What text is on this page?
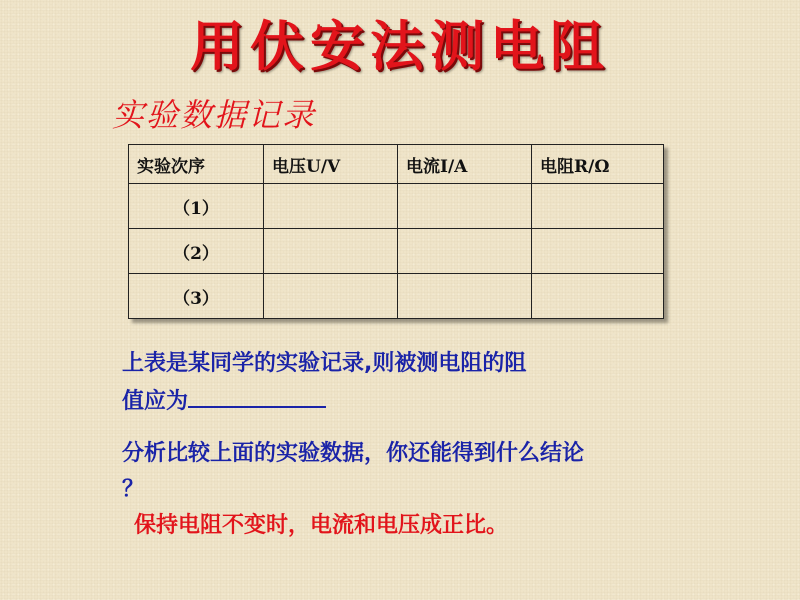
用伏安法测电阻
实验数据记录
实验次序	电压U/V	电流I/A	电阻R/Ω
（1）			
（2）			
（3）			
上表是某同学的实验记录,则被测电阻的阻
值应为
分析比较上面的实验数据，你还能得到什么结论
？
保持电阻不变时，电流和电压成正比。
